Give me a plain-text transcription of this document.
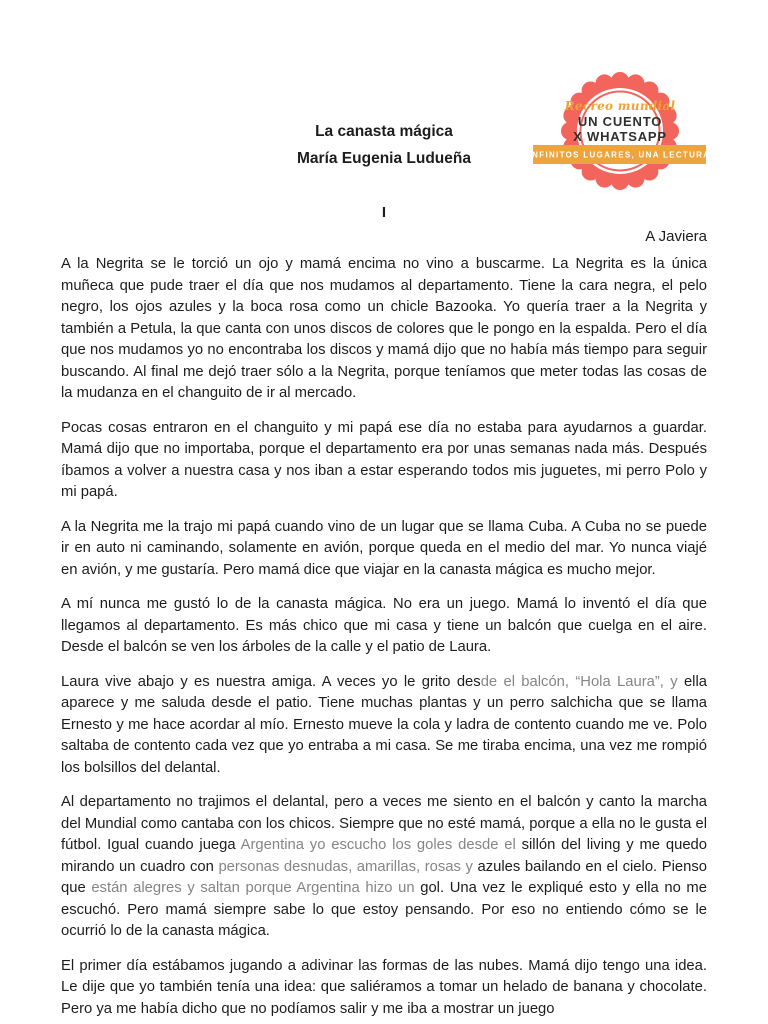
Recreo mundial
UN CUENTO
X WHATSAPP
INFINITOS LUGARES, UNA LECTURA
La canasta mágica
María Eugenia Ludueña
I
A Javiera

A la Negrita se le torció un ojo y mamá encima no vino a buscarme. La Negrita es la única muñeca que pude traer el día que nos mudamos al departamento. Tiene la cara negra, el pelo negro, los ojos azules y la boca rosa como un chicle Bazooka. Yo quería traer a la Negrita y también a Petula, la que canta con unos discos de colores que le pongo en la espalda. Pero el día que nos mudamos yo no encontraba los discos y mamá dijo que no había más tiempo para seguir buscando. Al final me dejó traer sólo a la Negrita, porque teníamos que meter todas las cosas de la mudanza en el changuito de ir al mercado.

Pocas cosas entraron en el changuito y mi papá ese día no estaba para ayudarnos a guardar. Mamá dijo que no importaba, porque el departamento era por unas semanas nada más. Después íbamos a volver a nuestra casa y nos iban a estar esperando todos mis juguetes, mi perro Polo y mi papá.

A la Negrita me la trajo mi papá cuando vino de un lugar que se llama Cuba. A Cuba no se puede ir en auto ni caminando, solamente en avión, porque queda en el medio del mar. Yo nunca viajé en avión, y me gustaría. Pero mamá dice que viajar en la canasta mágica es mucho mejor.

A mí nunca me gustó lo de la canasta mágica. No era un juego. Mamá lo inventó el día que llegamos al departamento. Es más chico que mi casa y tiene un balcón que cuelga en el aire. Desde el balcón se ven los árboles de la calle y el patio de Laura.

Laura vive abajo y es nuestra amiga. A veces yo le grito desde el balcón, “Hola Laura”, y ella aparece y me saluda desde el patio. Tiene muchas plantas y un perro salchicha que se llama Ernesto y me hace acordar al mío. Ernesto mueve la cola y ladra de contento cuando me ve. Polo saltaba de contento cada vez que yo entraba a mi casa. Se me tiraba encima, una vez me rompió los bolsillos del delantal.

Al departamento no trajimos el delantal, pero a veces me siento en el balcón y canto la marcha del Mundial como cantaba con los chicos. Siempre que no esté mamá, porque a ella no le gusta el fútbol. Igual cuando juega Argentina yo escucho los goles desde el sillón del living y me quedo mirando un cuadro con personas desnudas, amarillas, rosas y azules bailando en el cielo. Pienso que están alegres y saltan porque Argentina hizo un gol. Una vez le expliqué esto y ella no me escuchó. Pero mamá siempre sabe lo que estoy pensando. Por eso no entiendo cómo se le ocurrió lo de la canasta mágica.

El primer día estábamos jugando a adivinar las formas de las nubes. Mamá dijo tengo una idea. Le dije que yo también tenía una idea: que saliéramos a tomar un helado de banana y chocolate. Pero ya me había dicho que no podíamos salir y me iba a mostrar un juego
